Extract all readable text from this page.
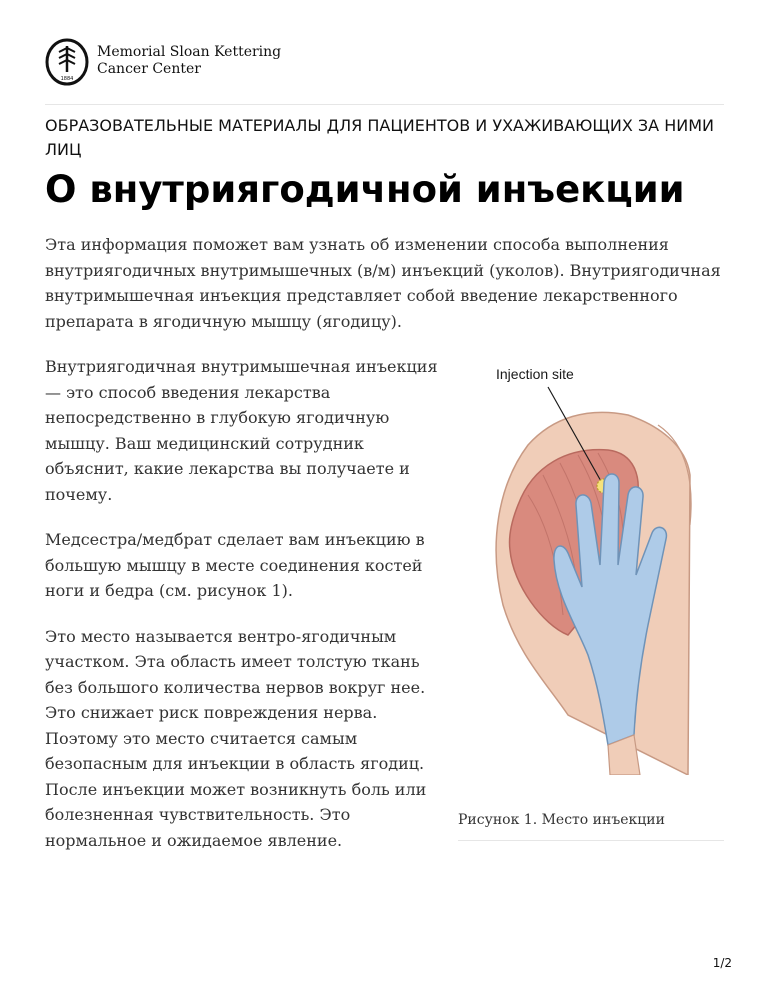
1884
Memorial Sloan Kettering
Cancer Center
ОБРАЗОВАТЕЛЬНЫЕ МАТЕРИАЛЫ ДЛЯ ПАЦИЕНТОВ И УХАЖИВАЮЩИХ ЗА НИМИ ЛИЦ
О внутриягодичной инъекции

Эта информация поможет вам узнать об изменении способа выполнения внутриягодичных внутримышечных (в/м) инъекций (уколов). Внутриягодичная внутримышечная инъекция представляет собой введение лекарственного препарата в ягодичную мышцу (ягодицу).

Внутриягодичная внутримышечная инъекция — это способ введения лекарства непосредственно в глубокую ягодичную мышцу. Ваш медицинский сотрудник объяснит, какие лекарства вы получаете и почему.

Медсестра/медбрат сделает вам инъекцию в большую мышцу в месте соединения костей ноги и бедра (см. рисунок 1).

Это место называется вентро-ягодичным участком. Эта область имеет толстую ткань без большого количества нервов вокруг нее. Это снижает риск повреждения нерва. Поэтому это место считается самым безопасным для инъекции в область ягодиц. После инъекции может возникнуть боль или болезненная чувствительность. Это нормальное и ожидаемое явление.

Injection site
Рисунок 1. Место инъекции
1/2
